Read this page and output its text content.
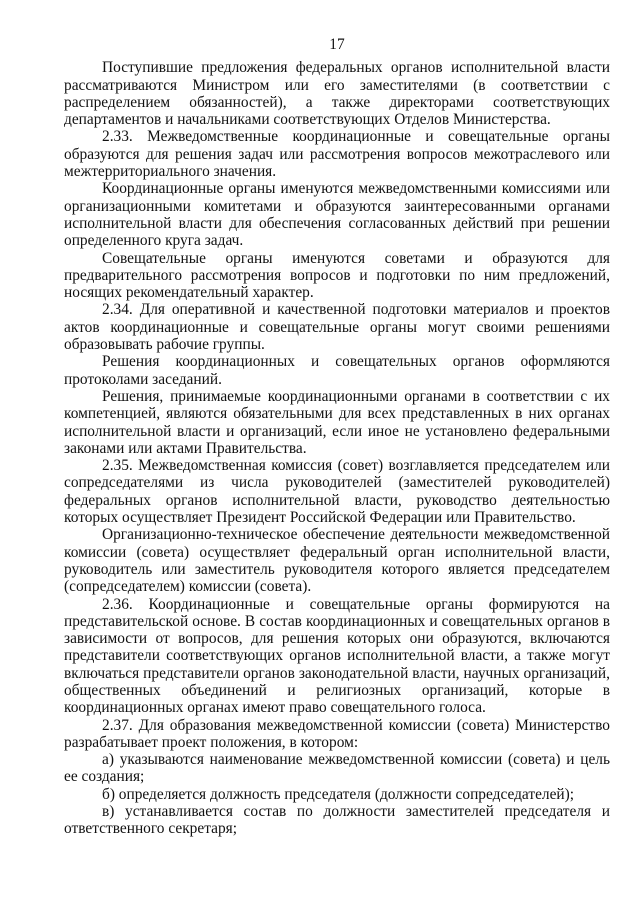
17

Поступившие предложения федеральных органов исполнительной власти рассматриваются Министром или его заместителями (в соответствии с распределением обязанностей), а также директорами соответствующих департаментов и начальниками соответствующих Отделов Министерства.

2.33. Межведомственные координационные и совещательные органы образуются для решения задач или рассмотрения вопросов межотраслевого или межтерриториального значения.

Координационные органы именуются межведомственными комиссиями или организационными комитетами и образуются заинтересованными органами исполнительной власти для обеспечения согласованных действий при решении определенного круга задач.

Совещательные органы именуются советами и образуются для предварительного рассмотрения вопросов и подготовки по ним предложений, носящих рекомендательный характер.

2.34. Для оперативной и качественной подготовки материалов и проектов актов координационные и совещательные органы могут своими решениями образовывать рабочие группы.

Решения координационных и совещательных органов оформляются протоколами заседаний.

Решения, принимаемые координационными органами в соответствии с их компетенцией, являются обязательными для всех представленных в них органах исполнительной власти и организаций, если иное не установлено федеральными законами или актами Правительства.

2.35. Межведомственная комиссия (совет) возглавляется председателем или сопредседателями из числа руководителей (заместителей руководителей) федеральных органов исполнительной власти, руководство деятельностью которых осуществляет Президент Российской Федерации или Правительство.

Организационно-техническое обеспечение деятельности межведомственной комиссии (совета) осуществляет федеральный орган исполнительной власти, руководитель или заместитель руководителя которого является председателем (сопредседателем) комиссии (совета).

2.36. Координационные и совещательные органы формируются на представительской основе. В состав координационных и совещательных органов в зависимости от вопросов, для решения которых они образуются, включаются представители соответствующих органов исполнительной власти, а также могут включаться представители органов законодательной власти, научных организаций, общественных объединений и религиозных организаций, которые в координационных органах имеют право совещательного голоса.

2.37. Для образования межведомственной комиссии (совета) Министерство разрабатывает проект положения, в котором:

а) указываются наименование межведомственной комиссии (совета) и цель ее создания;

б) определяется должность председателя (должности сопредседателей);

в) устанавливается состав по должности заместителей председателя и ответственного секретаря;
